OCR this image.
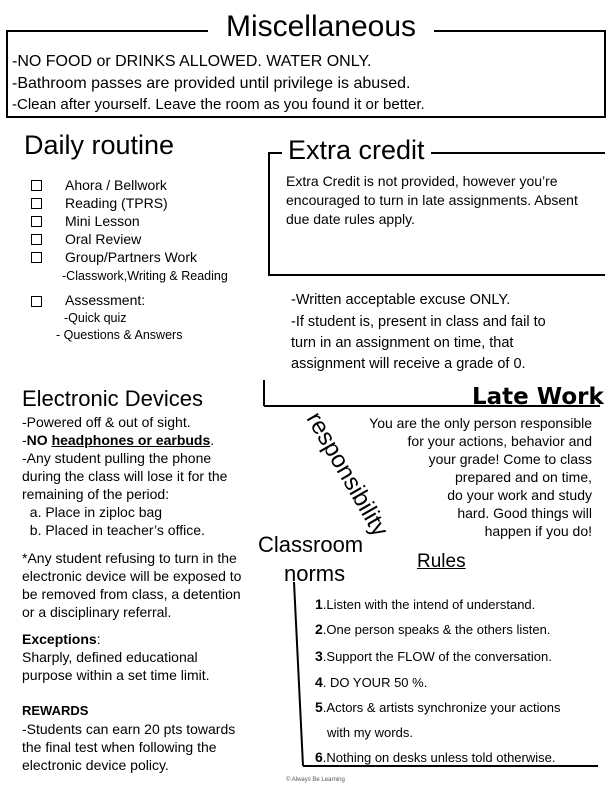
Miscellaneous
-NO FOOD or DRINKS ALLOWED. WATER ONLY.
-Bathroom passes are provided until privilege is abused.
-Clean after yourself. Leave the room as you found it or better.
Daily routine
Ahora / Bellwork
Reading (TPRS)
Mini Lesson
Oral Review
Group/Partners Work
-Classwork,Writing & Reading
Assessment:
-Quick quiz
- Questions & Answers
Extra credit
Extra Credit is not provided, however you’re encouraged to turn in late assignments. Absent due date rules apply.
-Written acceptable excuse ONLY.
-If student is, present in class and fail to
turn in an assignment on time, that
assignment will receive a grade of 0.
Late Work
responsibility
Electronic Devices
-Powered off & out of sight.
-NO headphones or earbuds.
-Any student pulling the phone
during the class will lose it for the
remaining of the period:
a. Place in ziploc bag
b. Placed in teacher’s office.
*Any student refusing to turn in the
electronic device will be exposed to
be removed from class, a detention
or a disciplinary referral.
Exceptions:
Sharply, defined educational
purpose within a set time limit.
REWARDS
-Students can earn 20 pts towards
the final test when following the
electronic device policy.
You are the only person responsible
for your actions, behavior and
your grade! Come to class
prepared and on time,
do your work and study
hard. Good things will
happen if you do!
Classroom
norms	Rules
1.Listen with the intend of understand.
2.One person speaks & the others listen.
3.Support the FLOW of the conversation.
4. DO YOUR 50 %.
5.Actors & artists synchronize your actions
with my words.
6.Nothing on desks unless told otherwise.
© Always Be Learning
